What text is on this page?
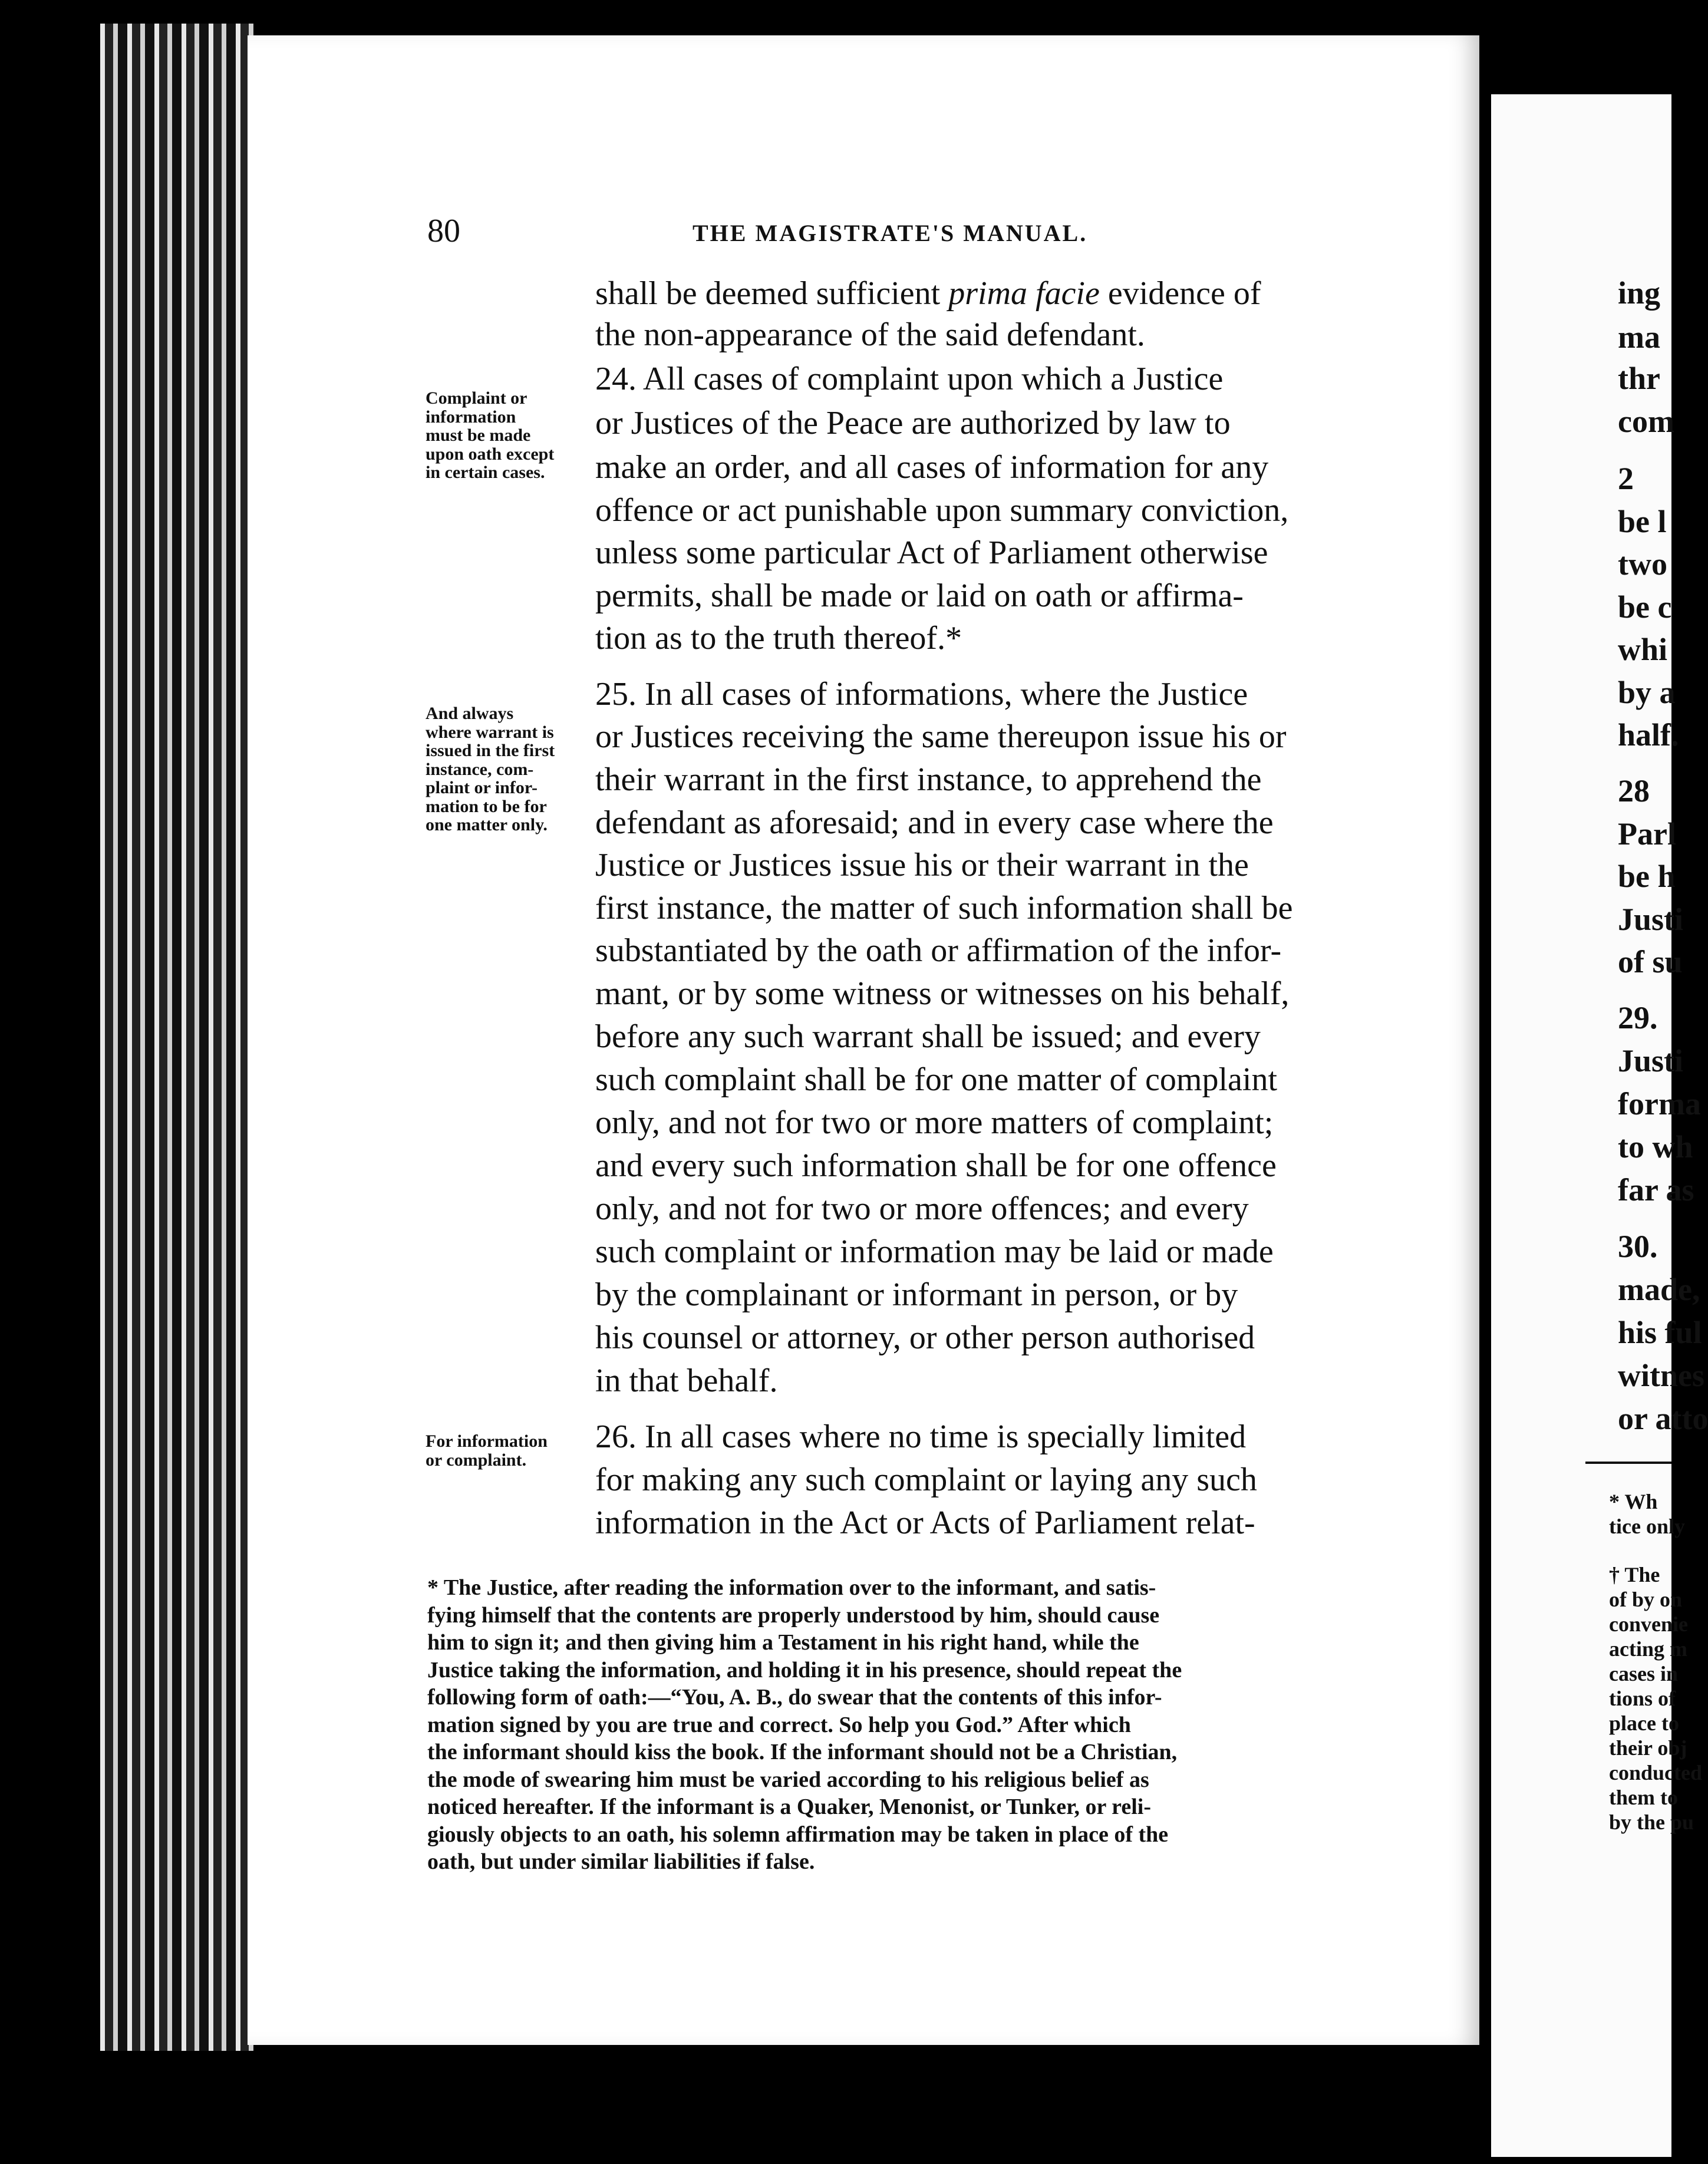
80	THE MAGISTRATE'S MANUAL.
shall be deemed sufficient prima facie evidence of
the non-appearance of the said defendant.
24. All cases of complaint upon which a Justice
or Justices of the Peace are authorized by law to
make an order, and all cases of information for any
offence or act punishable upon summary conviction,
unless some particular Act of Parliament otherwise
permits, shall be made or laid on oath or affirma-
tion as to the truth thereof.*
25. In all cases of informations, where the Justice
or Justices receiving the same thereupon issue his or
their warrant in the first instance, to apprehend the
defendant as aforesaid; and in every case where the
Justice or Justices issue his or their warrant in the
first instance, the matter of such information shall be
substantiated by the oath or affirmation of the infor-
mant, or by some witness or witnesses on his behalf,
before any such warrant shall be issued; and every
such complaint shall be for one matter of complaint
only, and not for two or more matters of complaint;
and every such information shall be for one offence
only, and not for two or more offences; and every
such complaint or information may be laid or made
by the complainant or informant in person, or by
his counsel or attorney, or other person authorised
in that behalf.
26. In all cases where no time is specially limited
for making any such complaint or laying any such
information in the Act or Acts of Parliament relat-
Complaint or
information
must be made
upon oath except
in certain cases.
And always
where warrant is
issued in the first
instance, com-
plaint or infor-
mation to be for
one matter only.
For information
or complaint.
* The Justice, after reading the information over to the informant, and satis-
fying himself that the contents are properly understood by him, should cause
him to sign it; and then giving him a Testament in his right hand, while the
Justice taking the information, and holding it in his presence, should repeat the
following form of oath:—“You, A. B., do swear that the contents of this infor-
mation signed by you are true and correct. So help you God.” After which
the informant should kiss the book. If the informant should not be a Christian,
the mode of swearing him must be varied according to his religious belief as
noticed hereafter. If the informant is a Quaker, Menonist, or Tunker, or reli-
giously objects to an oath, his solemn affirmation may be taken in place of the
oath, but under similar liabilities if false.
ing
ma
thr
com
2
be l
two
be c
whi
by a
half.
28
Parl
be h
Justi
of su
29.
Justi
forma
to wh
far as
30.
made,
his ful
witnes
or atto
* Wh
tice only
† The
of by on
convenie
acting m
cases in
tions of
place to
their obj
conducted
them to
by the pu
